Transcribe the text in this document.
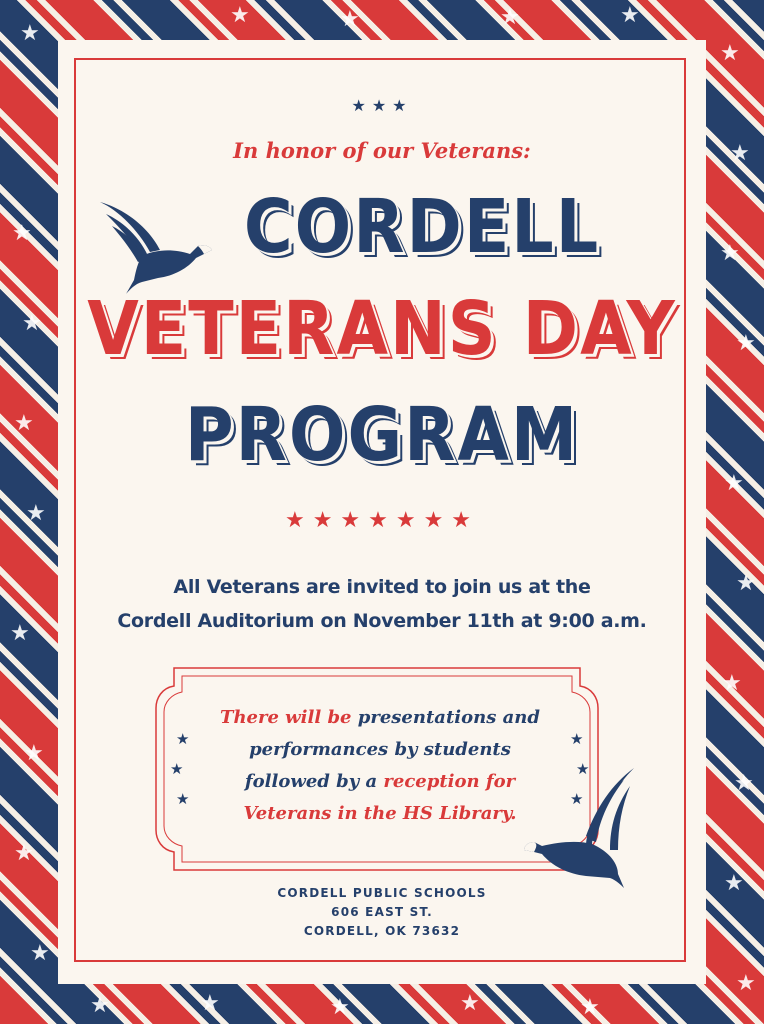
★
★	★	★	★
★
★
★
★
★
★
★
★
★
★
★
★
★
★
★
★
★
★
★	★	★	★	★
★★★
In honor of our Veterans:
CORDELL
VETERANS DAY
PROGRAM
★★★★★★★
All Veterans are invited to join us at the
Cordell Auditorium on November 11th at 9:00 a.m.
★
★
★
★
★
★
There will be presentations and
performances by students
followed by a reception for
Veterans in the HS Library.
CORDELL PUBLIC SCHOOLS
606 EAST ST.
CORDELL, OK 73632
